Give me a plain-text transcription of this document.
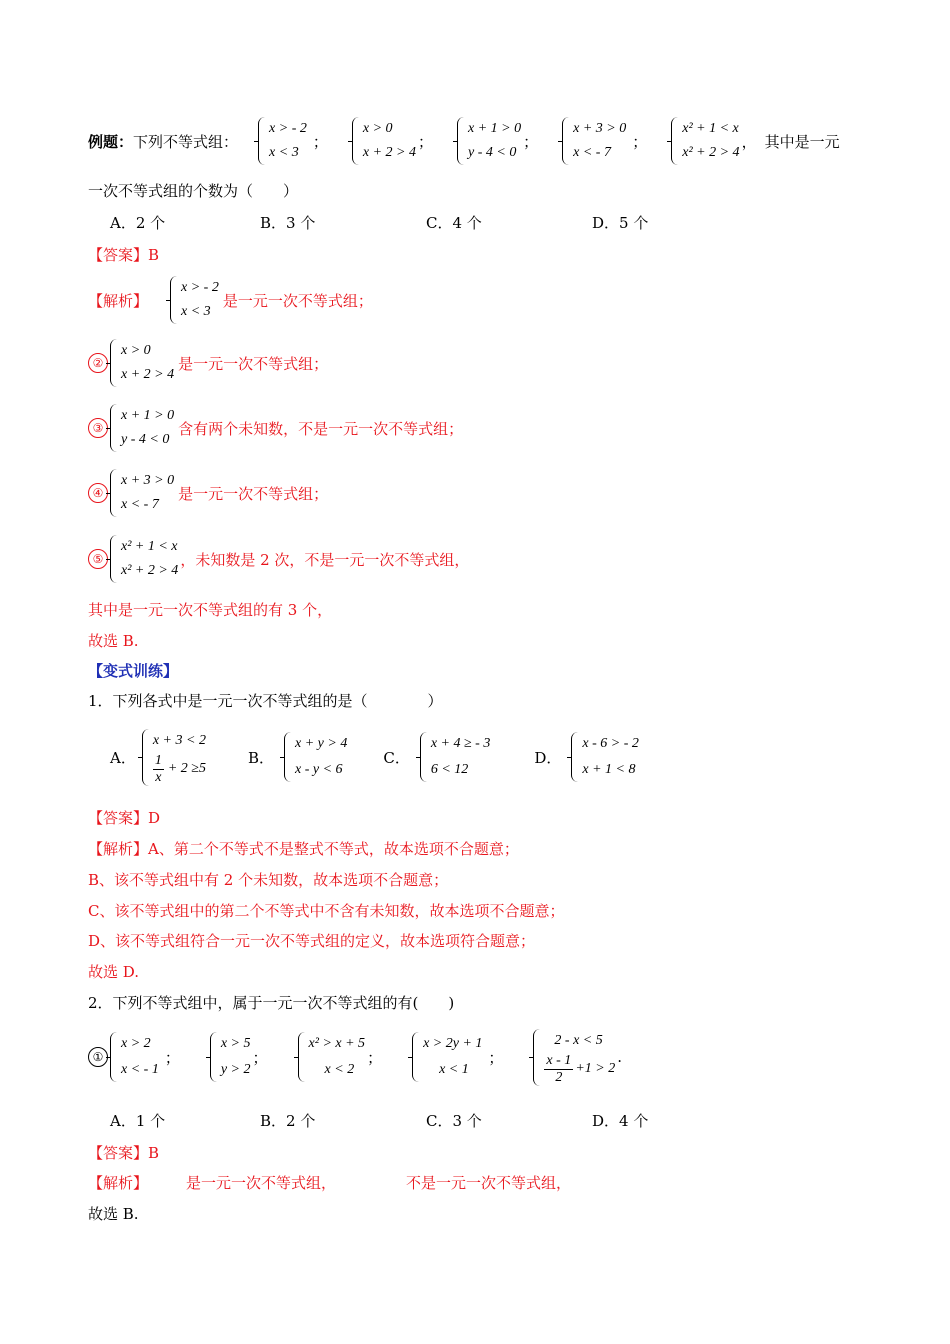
例题： 下列不等式组：
x > - 2
x < 3
；
x > 0
x + 2 > 4
；
x + 1 > 0
y - 4 < 0
；
x + 3 > 0
x < - 7
；
x² + 1 < x
x² + 2 > 4
， 其中是一元
一次不等式组的个数为（　　）
A．2 个	B．3 个	C．4 个	D．5 个
【答案】B
【解析】
x > - 2
x < 3
是一元一次不等式组；
②
x > 0
x + 2 > 4
是一元一次不等式组；
③
x + 1 > 0
y - 4 < 0
含有两个未知数，不是一元一次不等式组；
④
x + 3 > 0
x < - 7
是一元一次不等式组；
⑤
x² + 1 < x
x² + 2 > 4
，未知数是 2 次，不是一元一次不等式组，
其中是一元一次不等式组的有 3 个，
故选 B.
【变式训练】
1．下列各式中是一元一次不等式组的是（　　　　）
A．
x + 3 < 2
$\frac{1}{x} + 2 \ge 5$
B．
x + y > 4
x - y < 6
C．
x + 4 ≥ - 3
6 < 12
D．
x - 6 > - 2
x + 1 < 8
【答案】D
【解析】A、第二个不等式不是整式不等式，故本选项不合题意；
B、该不等式组中有 2 个未知数，故本选项不合题意；
C、该不等式组中的第二个不等式中不含有未知数，故本选项不合题意；
D、该不等式组符合一元一次不等式组的定义，故本选项符合题意；
故选 D.
2．下列不等式组中，属于一元一次不等式组的有(　　)
①
x > 2
x < - 1
；
x > 5
y > 2
；
x² > x + 5
x < 2
；
x > 2y + 1
x < 1
；
2 - x < 5
$\frac{x - 1}{2} +1 > 2$
.
A．1 个	B．2 个	C．3 个	D．4 个
【答案】B
【解析】	是一元一次不等式组，	不是一元一次不等式组，
故选 B.
